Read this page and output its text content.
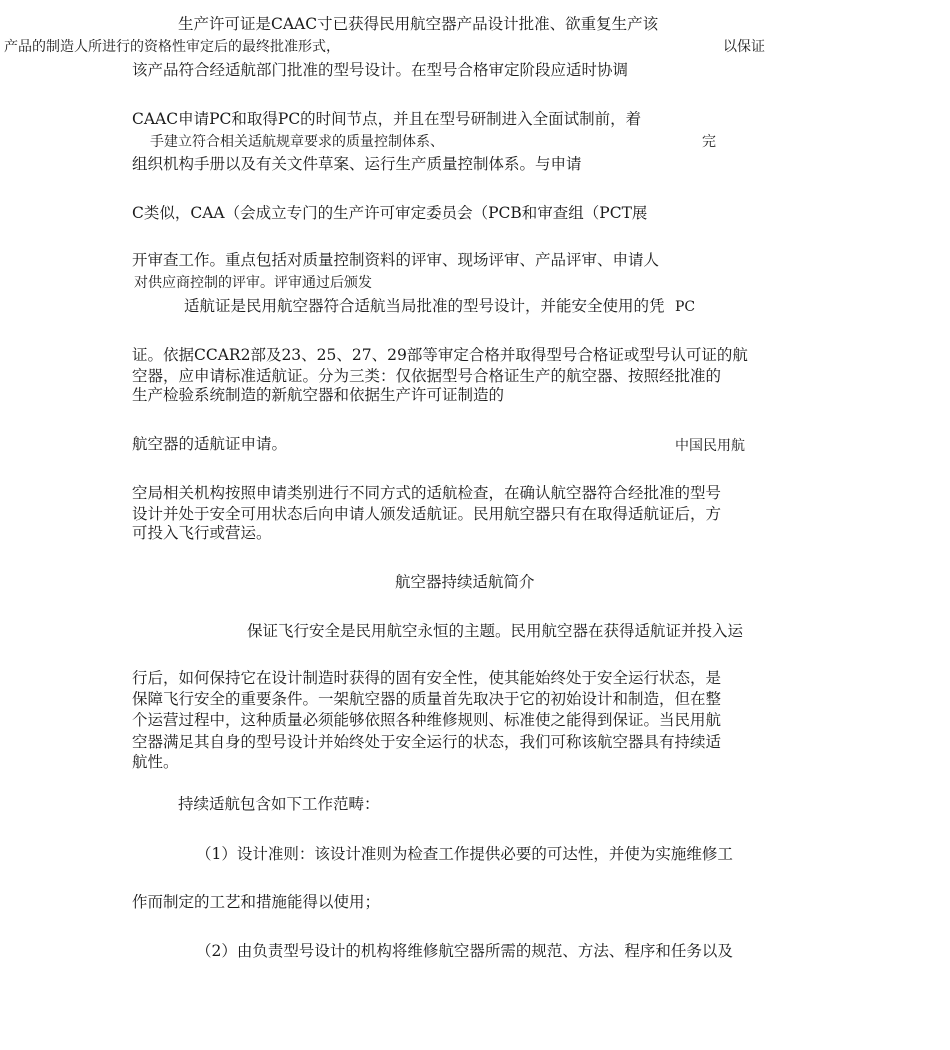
生产许可证是CAAC寸已获得民用航空器产品设计批准、欲重复生产该
产品的制造人所进行的资格性审定后的最终批准形式，	以保证
该产品符合经适航部门批准的型号设计。在型号合格审定阶段应适时协调
CAAC申请PC和取得PC的时间节点，并且在型号研制进入全面试制前，着
手建立符合相关适航规章要求的质量控制体系、	完
组织机构手册以及有关文件草案、运行生产质量控制体系。与申请
C类似，CAA（会成立专门的生产许可审定委员会（PCB和审查组（PCT展
开审查工作。重点包括对质量控制资料的评审、现场评审、产品评审、申请人
对供应商控制的评审。评审通过后颁发
适航证是民用航空器符合适航当局批准的型号设计，并能安全使用的凭 PC
证。依据CCAR2部及23、25、27、29部等审定合格并取得型号合格证或型号认可证的航
空器，应申请标准适航证。分为三类：仅依据型号合格证生产的航空器、按照经批准的
生产检验系统制造的新航空器和依据生产许可证制造的
航空器的适航证申请。	中国民用航
空局相关机构按照申请类别进行不同方式的适航检查，在确认航空器符合经批准的型号
设计并处于安全可用状态后向申请人颁发适航证。民用航空器只有在取得适航证后，方
可投入飞行或营运。
航空器持续适航简介
保证飞行安全是民用航空永恒的主题。民用航空器在获得适航证并投入运
行后，如何保持它在设计制造时获得的固有安全性，使其能始终处于安全运行状态，是
保障飞行安全的重要条件。一架航空器的质量首先取决于它的初始设计和制造，但在整
个运营过程中，这种质量必须能够依照各种维修规则、标准使之能得到保证。当民用航
空器满足其自身的型号设计并始终处于安全运行的状态，我们可称该航空器具有持续适
航性。
持续适航包含如下工作范畴：
（1）设计准则：该设计准则为检查工作提供必要的可达性，并使为实施维修工
作而制定的工艺和措施能得以使用；
（2）由负责型号设计的机构将维修航空器所需的规范、方法、程序和任务以及
